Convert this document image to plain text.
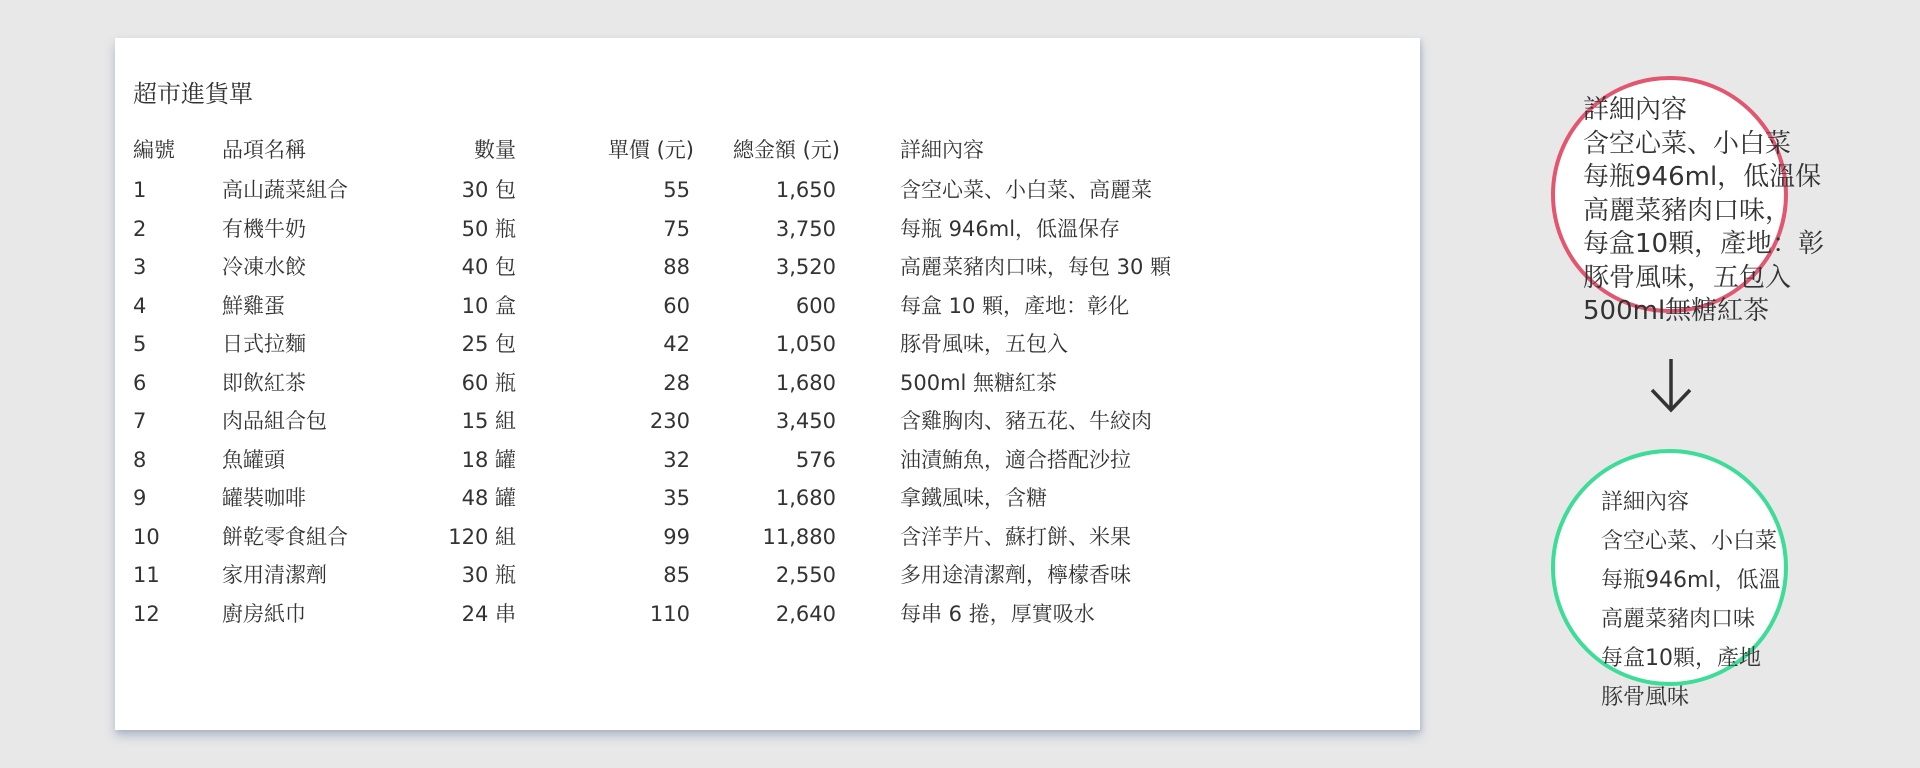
超市進貨單
編號 品項名稱	數量	單價 (元)	總金額 (元)	詳細內容
1	高山蔬菜組合	30 包	55	1,650	含空心菜、小白菜、高麗菜
2	有機牛奶	50 瓶	75	3,750	每瓶 946ml，低溫保存
3	冷凍水餃	40 包	88	3,520	高麗菜豬肉口味，每包 30 顆
4	鮮雞蛋	10 盒	60	600	每盒 10 顆，產地：彰化
5	日式拉麵	25 包	42	1,050	豚骨風味，五包入
6	即飲紅茶	60 瓶	28	1,680	500ml 無糖紅茶
7	肉品組合包	15 組	230	3,450	含雞胸肉、豬五花、牛絞肉
8	魚罐頭	18 罐	32	576	油漬鮪魚，適合搭配沙拉
9	罐裝咖啡	48 罐	35	1,680	拿鐵風味，含糖
10	餅乾零食組合	120 組	99	11,880	含洋芋片、蘇打餅、米果
11	家用清潔劑	30 瓶	85	2,550	多用途清潔劑，檸檬香味
12	廚房紙巾	24 串	110	2,640	每串 6 捲，厚實吸水
詳細內容
含空心菜、小白菜
每瓶946ml，低溫保
高麗菜豬肉口味，
每盒10顆，產地：彰
豚骨風味，五包入
500ml無糖紅茶
詳細內容
含空心菜、小白菜
每瓶946ml，低溫
高麗菜豬肉口味
每盒10顆，產地
豚骨風味
